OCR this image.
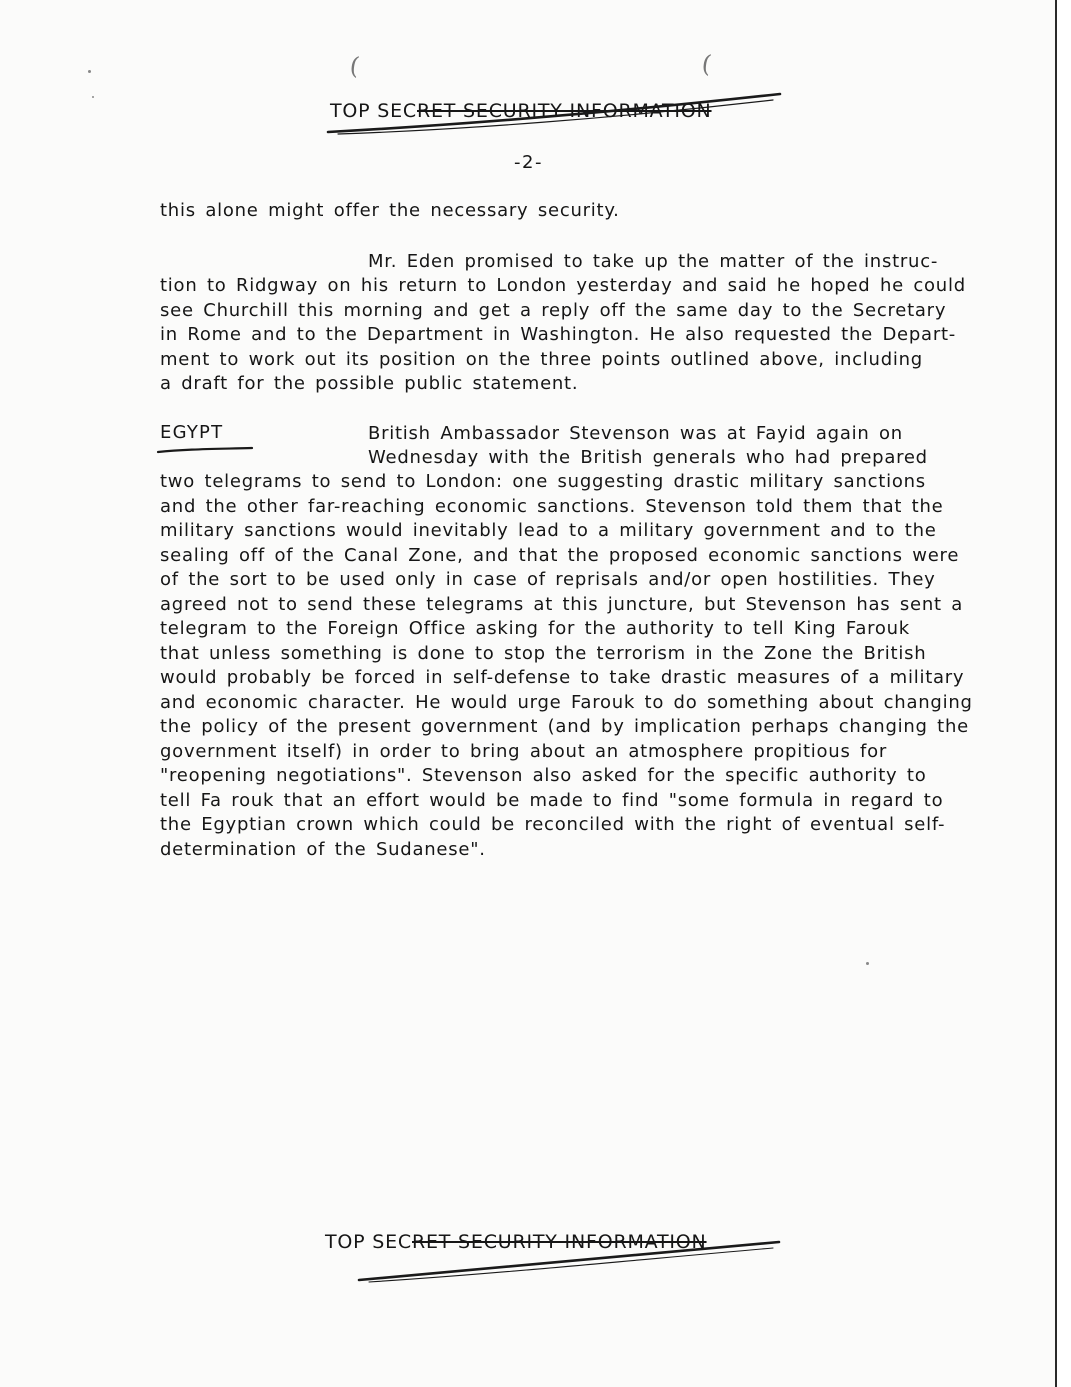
(	(
TOP SECRET SECURITY INFORMATION
-2-
this alone might offer the necessary security.
Mr. Eden promised to take up the matter of the instruc-
tion to Ridgway on his return to London yesterday and said he hoped he could
see Churchill this morning and get a reply off the same day to the Secretary
in Rome and to the Department in Washington. He also requested the Depart-
ment to work out its position on the three points outlined above, including
a draft for the possible public statement.
EGYPT	British Ambassador Stevenson was at Fayid again on
Wednesday with the British generals who had prepared
two telegrams to send to London: one suggesting drastic military sanctions
and the other far-reaching economic sanctions. Stevenson told them that the
military sanctions would inevitably lead to a military government and to the
sealing off of the Canal Zone, and that the proposed economic sanctions were
of the sort to be used only in case of reprisals and/or open hostilities. They
agreed not to send these telegrams at this juncture, but Stevenson has sent a
telegram to the Foreign Office asking for the authority to tell King Farouk
that unless something is done to stop the terrorism in the Zone the British
would probably be forced in self-defense to take drastic measures of a military
and economic character. He would urge Farouk to do something about changing
the policy of the present government (and by implication perhaps changing the
government itself) in order to bring about an atmosphere propitious for
"reopening negotiations". Stevenson also asked for the specific authority to
tell Fa rouk that an effort would be made to find "some formula in regard to
the Egyptian crown which could be reconciled with the right of eventual self-
determination of the Sudanese".
TOP SECRET SECURITY INFORMATION
